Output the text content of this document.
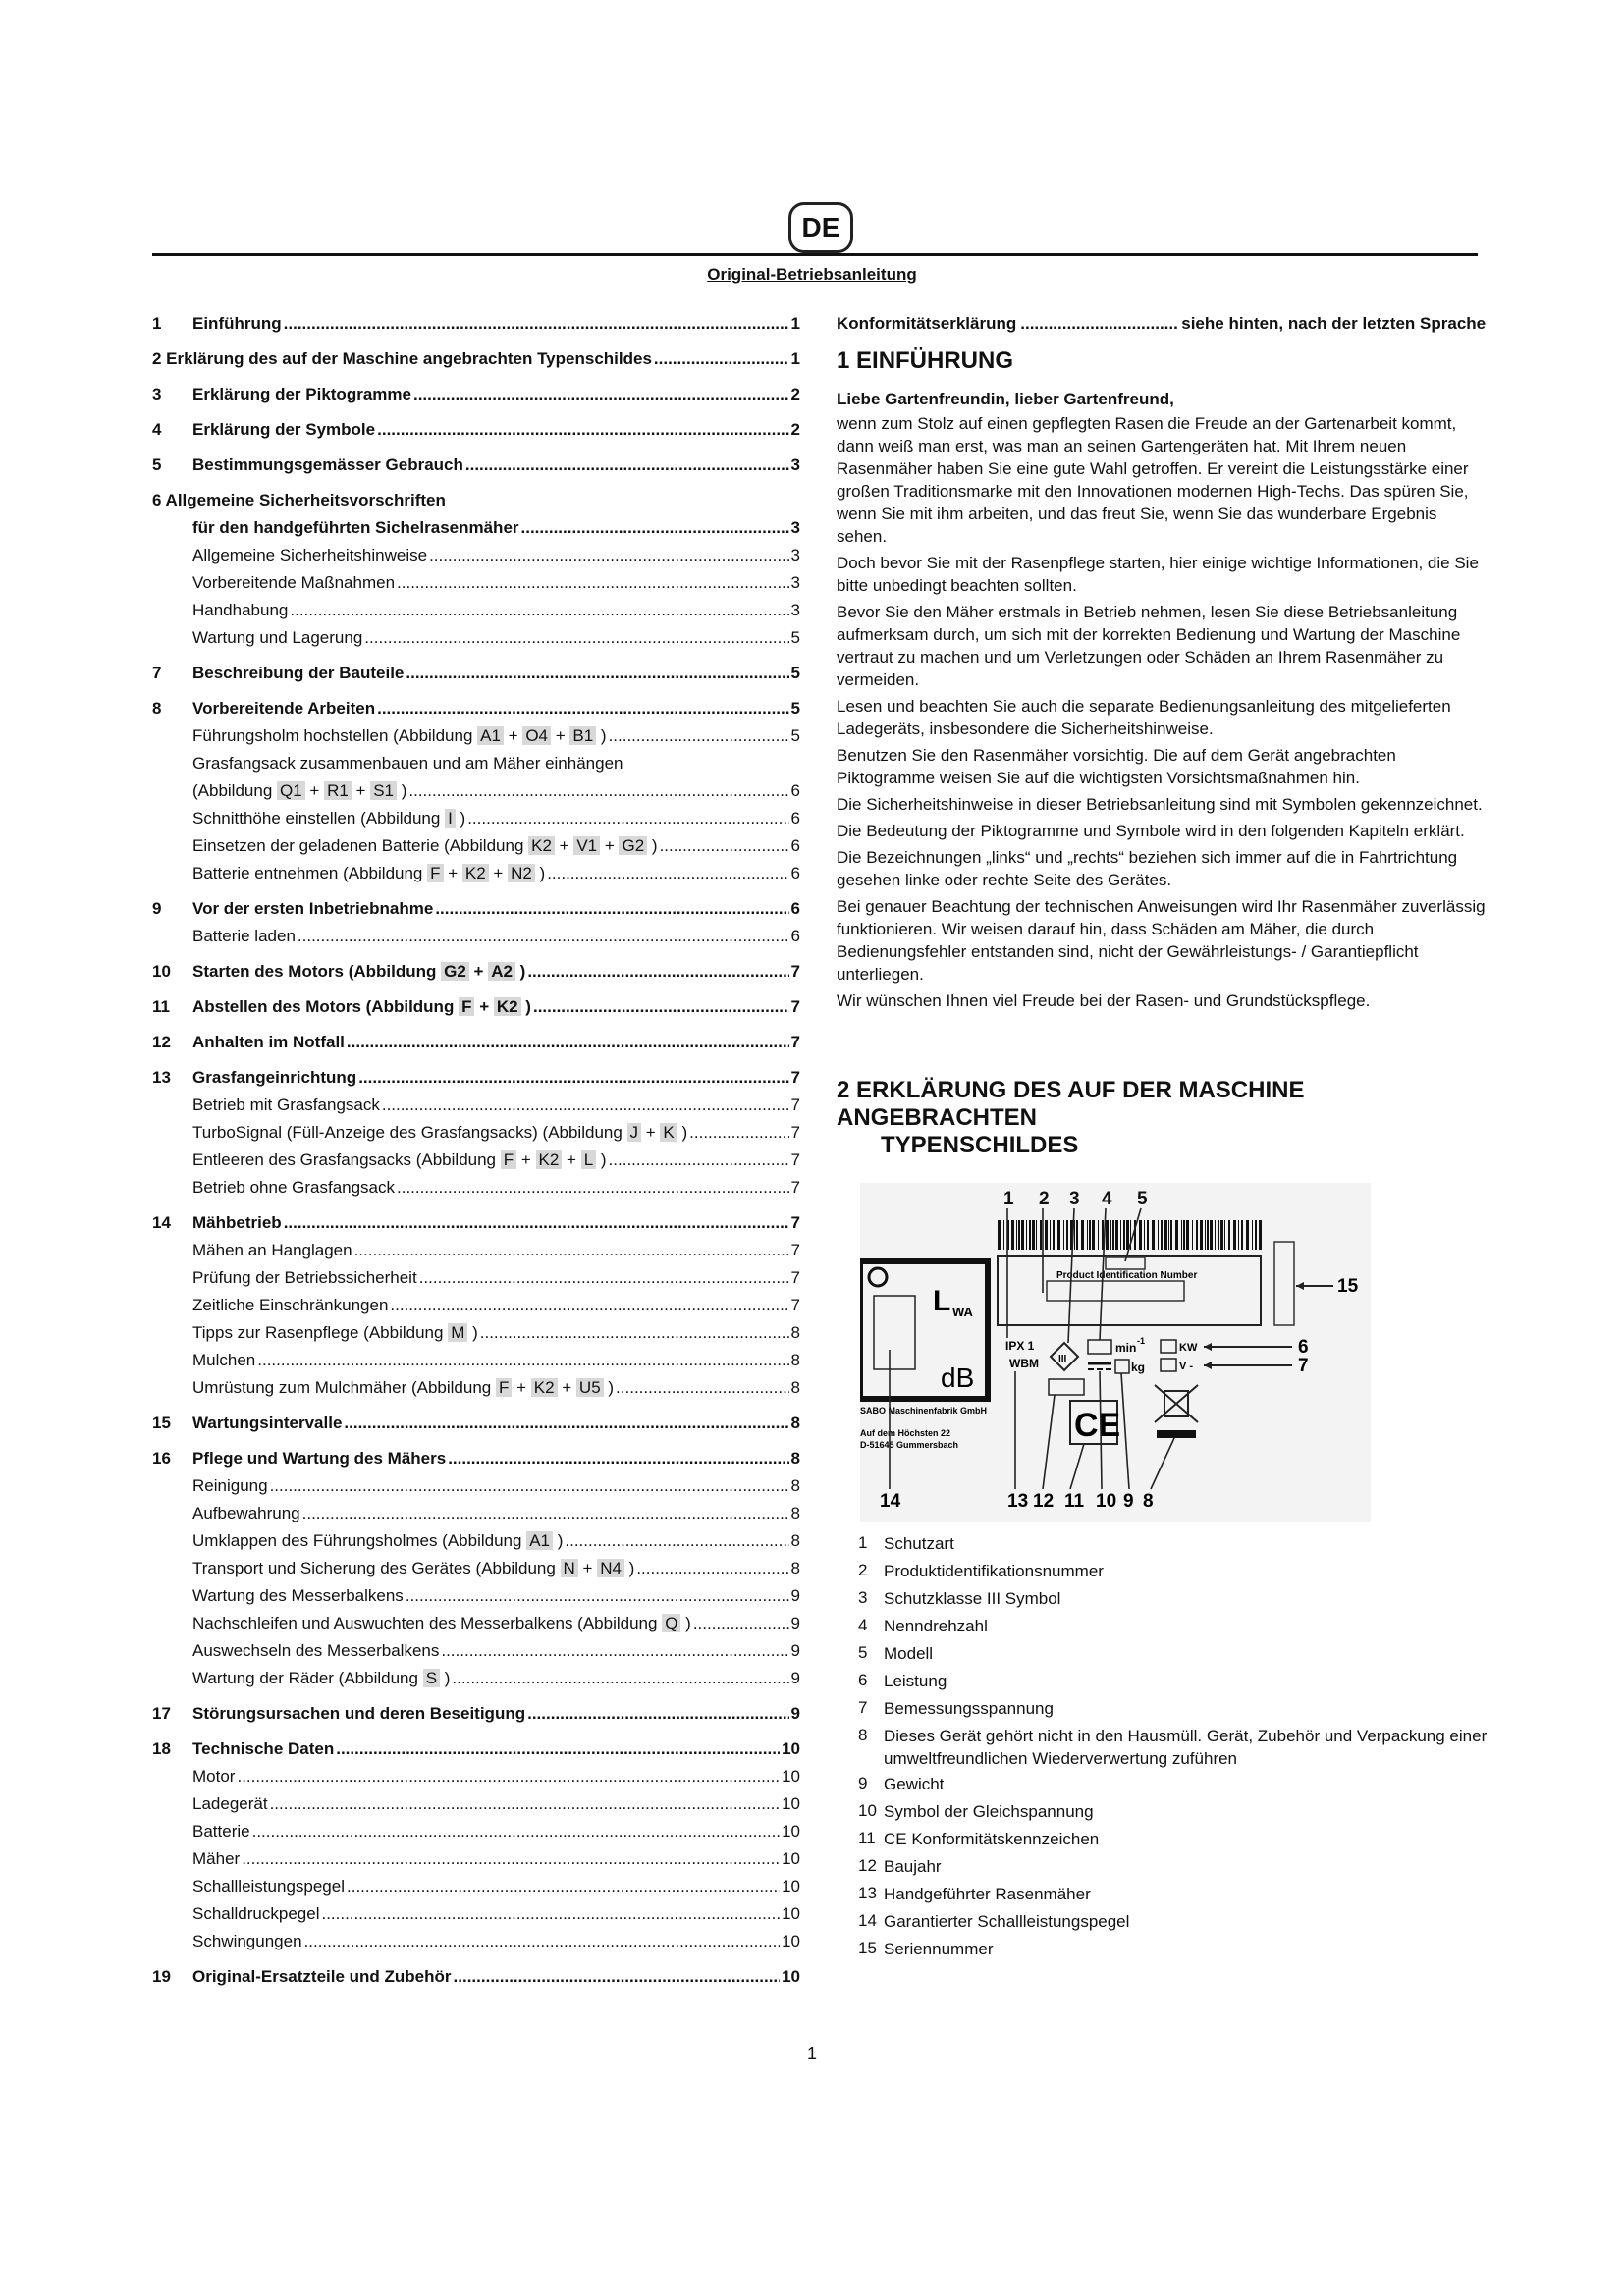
DE
Original-Betriebsanleitung
1	Einführung .....	1
2 Erklärung des auf der Maschine angebrachten Typenschildes .....	1
3	Erklärung der Piktogramme .....	2
4	Erklärung der Symbole .....	2
5	Bestimmungsgemässer Gebrauch .....	3
6 Allgemeine Sicherheitsvorschriften
für den handgeführten Sichelrasenmäher .....	3
Allgemeine Sicherheitshinweise .....	3
Vorbereitende Maßnahmen .....	3
Handhabung .....	3
Wartung und Lagerung .....	5
7	Beschreibung der Bauteile .....	5
8	Vorbereitende Arbeiten .....	5
Führungsholm hochstellen (Abbildung A1 + O4 + B1 ) .....	5
Grasfangsack zusammenbauen und am Mäher einhängen
(Abbildung Q1 + R1 + S1 ) .....	6
Schnitthöhe einstellen (Abbildung I ) .....	6
Einsetzen der geladenen Batterie (Abbildung K2 + V1 + G2 ) .....	6
Batterie entnehmen (Abbildung F + K2 + N2 ) .....	6
9	Vor der ersten Inbetriebnahme .....	6
Batterie laden .....	6
10	Starten des Motors (Abbildung G2 + A2 ) .....	7
11	Abstellen des Motors (Abbildung F + K2 ) .....	7
12	Anhalten im Notfall .....	7
13	Grasfangeinrichtung .....	7
Betrieb mit Grasfangsack .....	7
TurboSignal (Füll-Anzeige des Grasfangsacks) (Abbildung J + K ) .....	7
Entleeren des Grasfangsacks (Abbildung F + K2 + L ) .....	7
Betrieb ohne Grasfangsack .....	7
14	Mähbetrieb .....	7
Mähen an Hanglagen .....	7
Prüfung der Betriebssicherheit .....	7
Zeitliche Einschränkungen .....	7
Tipps zur Rasenpflege (Abbildung M ) .....	8
Mulchen .....	8
Umrüstung zum Mulchmäher (Abbildung F + K2 + U5 ) .....	8
15	Wartungsintervalle .....	8
16	Pflege und Wartung des Mähers .....	8
Reinigung .....	8
Aufbewahrung .....	8
Umklappen des Führungsholmes (Abbildung A1 ) .....	8
Transport und Sicherung des Gerätes (Abbildung N + N4 ) .....	8
Wartung des Messerbalkens .....	9
Nachschleifen und Auswuchten des Messerbalkens (Abbildung Q ) .....	9
Auswechseln des Messerbalkens .....	9
Wartung der Räder (Abbildung S ) .....	9
17	Störungsursachen und deren Beseitigung .....	9
18	Technische Daten .....	10
Motor .....	10
Ladegerät .....	10
Batterie .....	10
Mäher .....	10
Schallleistungspegel .....	10
Schalldruckpegel .....	10
Schwingungen .....	10
19	Original-Ersatzteile und Zubehör .....	10
Konformitätserklärung .....	siehe hinten, nach der letzten Sprache
1 EINFÜHRUNG
Liebe Gartenfreundin, lieber Gartenfreund,

wenn zum Stolz auf einen gepflegten Rasen die Freude an der Gartenarbeit kommt, dann weiß man erst, was man an seinen Gartengeräten hat. Mit Ihrem neuen Rasenmäher haben Sie eine gute Wahl getroffen. Er vereint die Leistungsstärke einer großen Traditionsmarke mit den Innovationen modernen High-Techs. Das spüren Sie, wenn Sie mit ihm arbeiten, und das freut Sie, wenn Sie das wunderbare Ergebnis sehen.

Doch bevor Sie mit der Rasenpflege starten, hier einige wichtige Informationen, die Sie bitte unbedingt beachten sollten.

Bevor Sie den Mäher erstmals in Betrieb nehmen, lesen Sie diese Betriebsanleitung aufmerksam durch, um sich mit der korrekten Bedienung und Wartung der Maschine vertraut zu machen und um Verletzungen oder Schäden an Ihrem Rasenmäher zu vermeiden.

Lesen und beachten Sie auch die separate Bedienungsanleitung des mitgelieferten Ladegeräts, insbesondere die Sicherheitshinweise.

Benutzen Sie den Rasenmäher vorsichtig. Die auf dem Gerät angebrachten Piktogramme weisen Sie auf die wichtigsten Vorsichtsmaßnahmen hin.

Die Sicherheitshinweise in dieser Betriebsanleitung sind mit Symbolen gekennzeichnet.

Die Bedeutung der Piktogramme und Symbole wird in den folgenden Kapiteln erklärt.

Die Bezeichnungen „links“ und „rechts“ beziehen sich immer auf die in Fahrtrichtung gesehen linke oder rechte Seite des Gerätes.

Bei genauer Beachtung der technischen Anweisungen wird Ihr Rasenmäher zuverlässig funktionieren. Wir weisen darauf hin, dass Schäden am Mäher, die durch Bedienungsfehler entstanden sind, nicht der Gewährleistungs- / Garantiepflicht unterliegen.

Wir wünschen Ihnen viel Freude bei der Rasen- und Grundstückspflege.

2 ERKLÄRUNG DES AUF DER MASCHINE ANGEBRACHTEN
TYPENSCHILDES
1 2 3 4 5
Product Identification Number
15
L WA
dB
SABO Maschinenfabrik GmbH
Auf dem Höchsten 22
D-51645 Gummersbach
IPX 1
WBM III
min -1
kg
KW
V -
6
7
CE
14	13 12 11 10 9 8
1 Schutzart
2 Produktidentifikationsnummer
3 Schutzklasse III Symbol
4 Nenndrehzahl
5 Modell
6 Leistung
7 Bemessungsspannung
8 Dieses Gerät gehört nicht in den Hausmüll. Gerät, Zubehör und Verpackung einer umweltfreundlichen Wiederverwertung zuführen
9 Gewicht
10 Symbol der Gleichspannung
11 CE Konformitätskennzeichen
12 Baujahr
13 Handgeführter Rasenmäher
14 Garantierter Schallleistungspegel
15 Seriennummer
1
